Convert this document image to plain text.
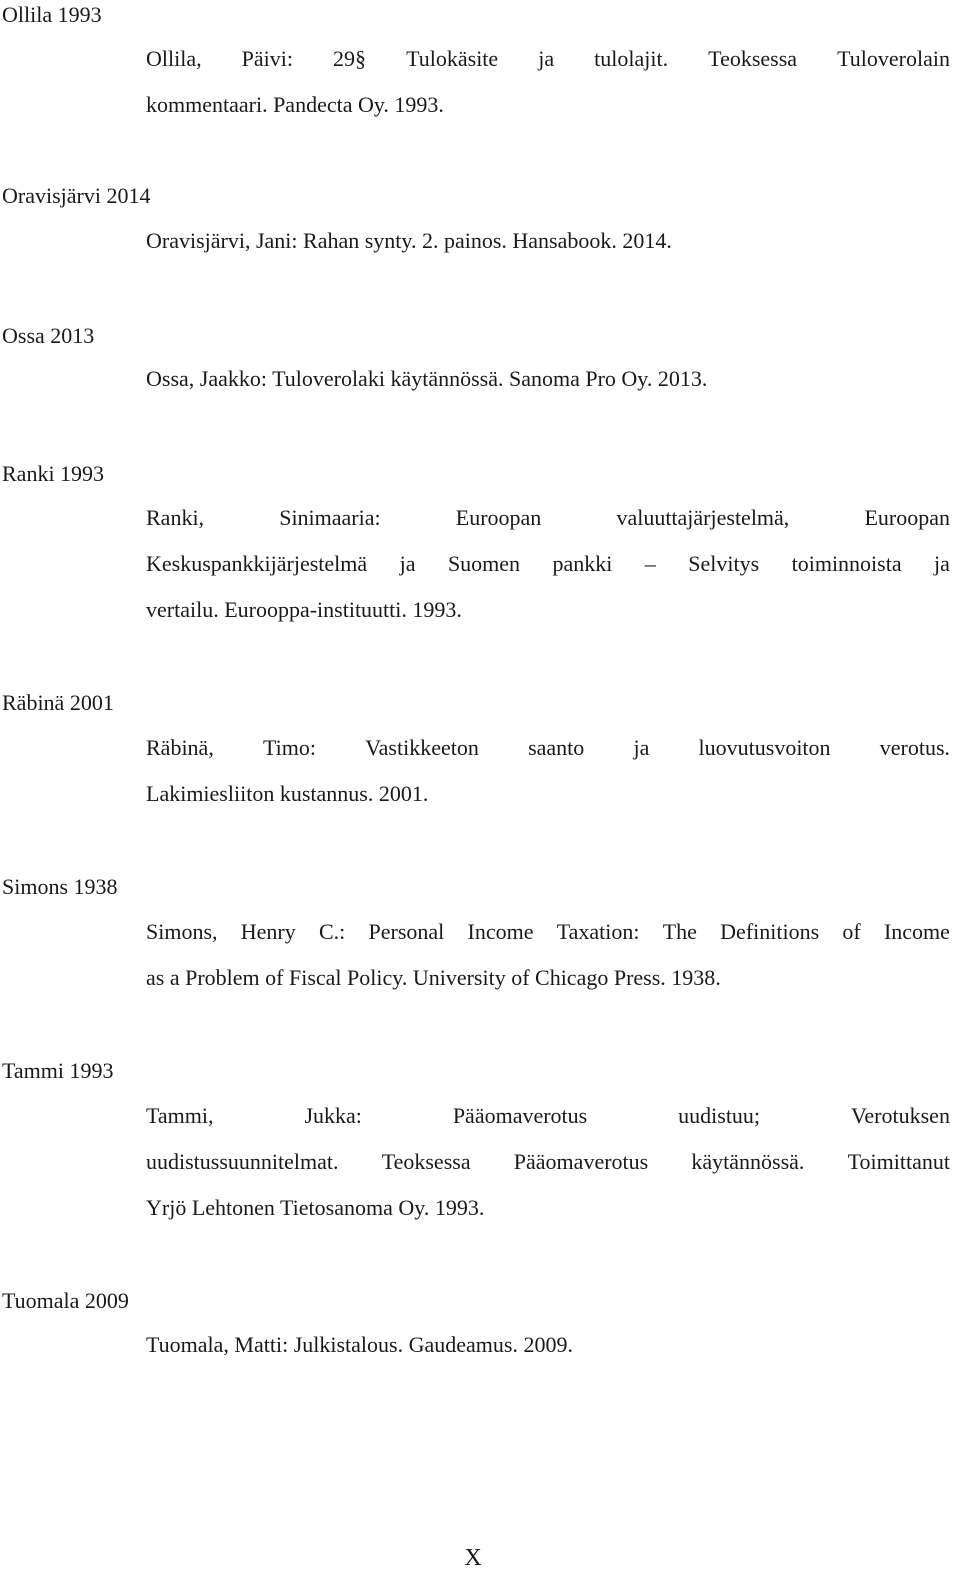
Ollila 1993
Ollila, Päivi: 29§ Tulokäsite ja tulolajit. Teoksessa Tuloverolain
kommentaari. Pandecta Oy. 1993.
Oravisjärvi 2014
Oravisjärvi, Jani: Rahan synty. 2. painos. Hansabook. 2014.
Ossa 2013
Ossa, Jaakko: Tuloverolaki käytännössä. Sanoma Pro Oy. 2013.
Ranki 1993
Ranki,	Sinimaaria:	Euroopan	valuuttajärjestelmä,	Euroopan
Keskuspankkijärjestelmä ja Suomen pankki – Selvitys toiminnoista ja
vertailu. Eurooppa-instituutti. 1993.
Räbinä 2001
Räbinä, Timo: Vastikkeeton saanto ja luovutusvoiton verotus.
Lakimiesliiton kustannus. 2001.
Simons 1938
Simons, Henry C.: Personal Income Taxation: The Definitions of Income
as a Problem of Fiscal Policy. University of Chicago Press. 1938.
Tammi 1993
Tammi,	Jukka:	Pääomaverotus	uudistuu;	Verotuksen
uudistussuunnitelmat. Teoksessa Pääomaverotus käytännössä. Toimittanut
Yrjö Lehtonen Tietosanoma Oy. 1993.
Tuomala 2009
Tuomala, Matti: Julkistalous. Gaudeamus. 2009.
X
